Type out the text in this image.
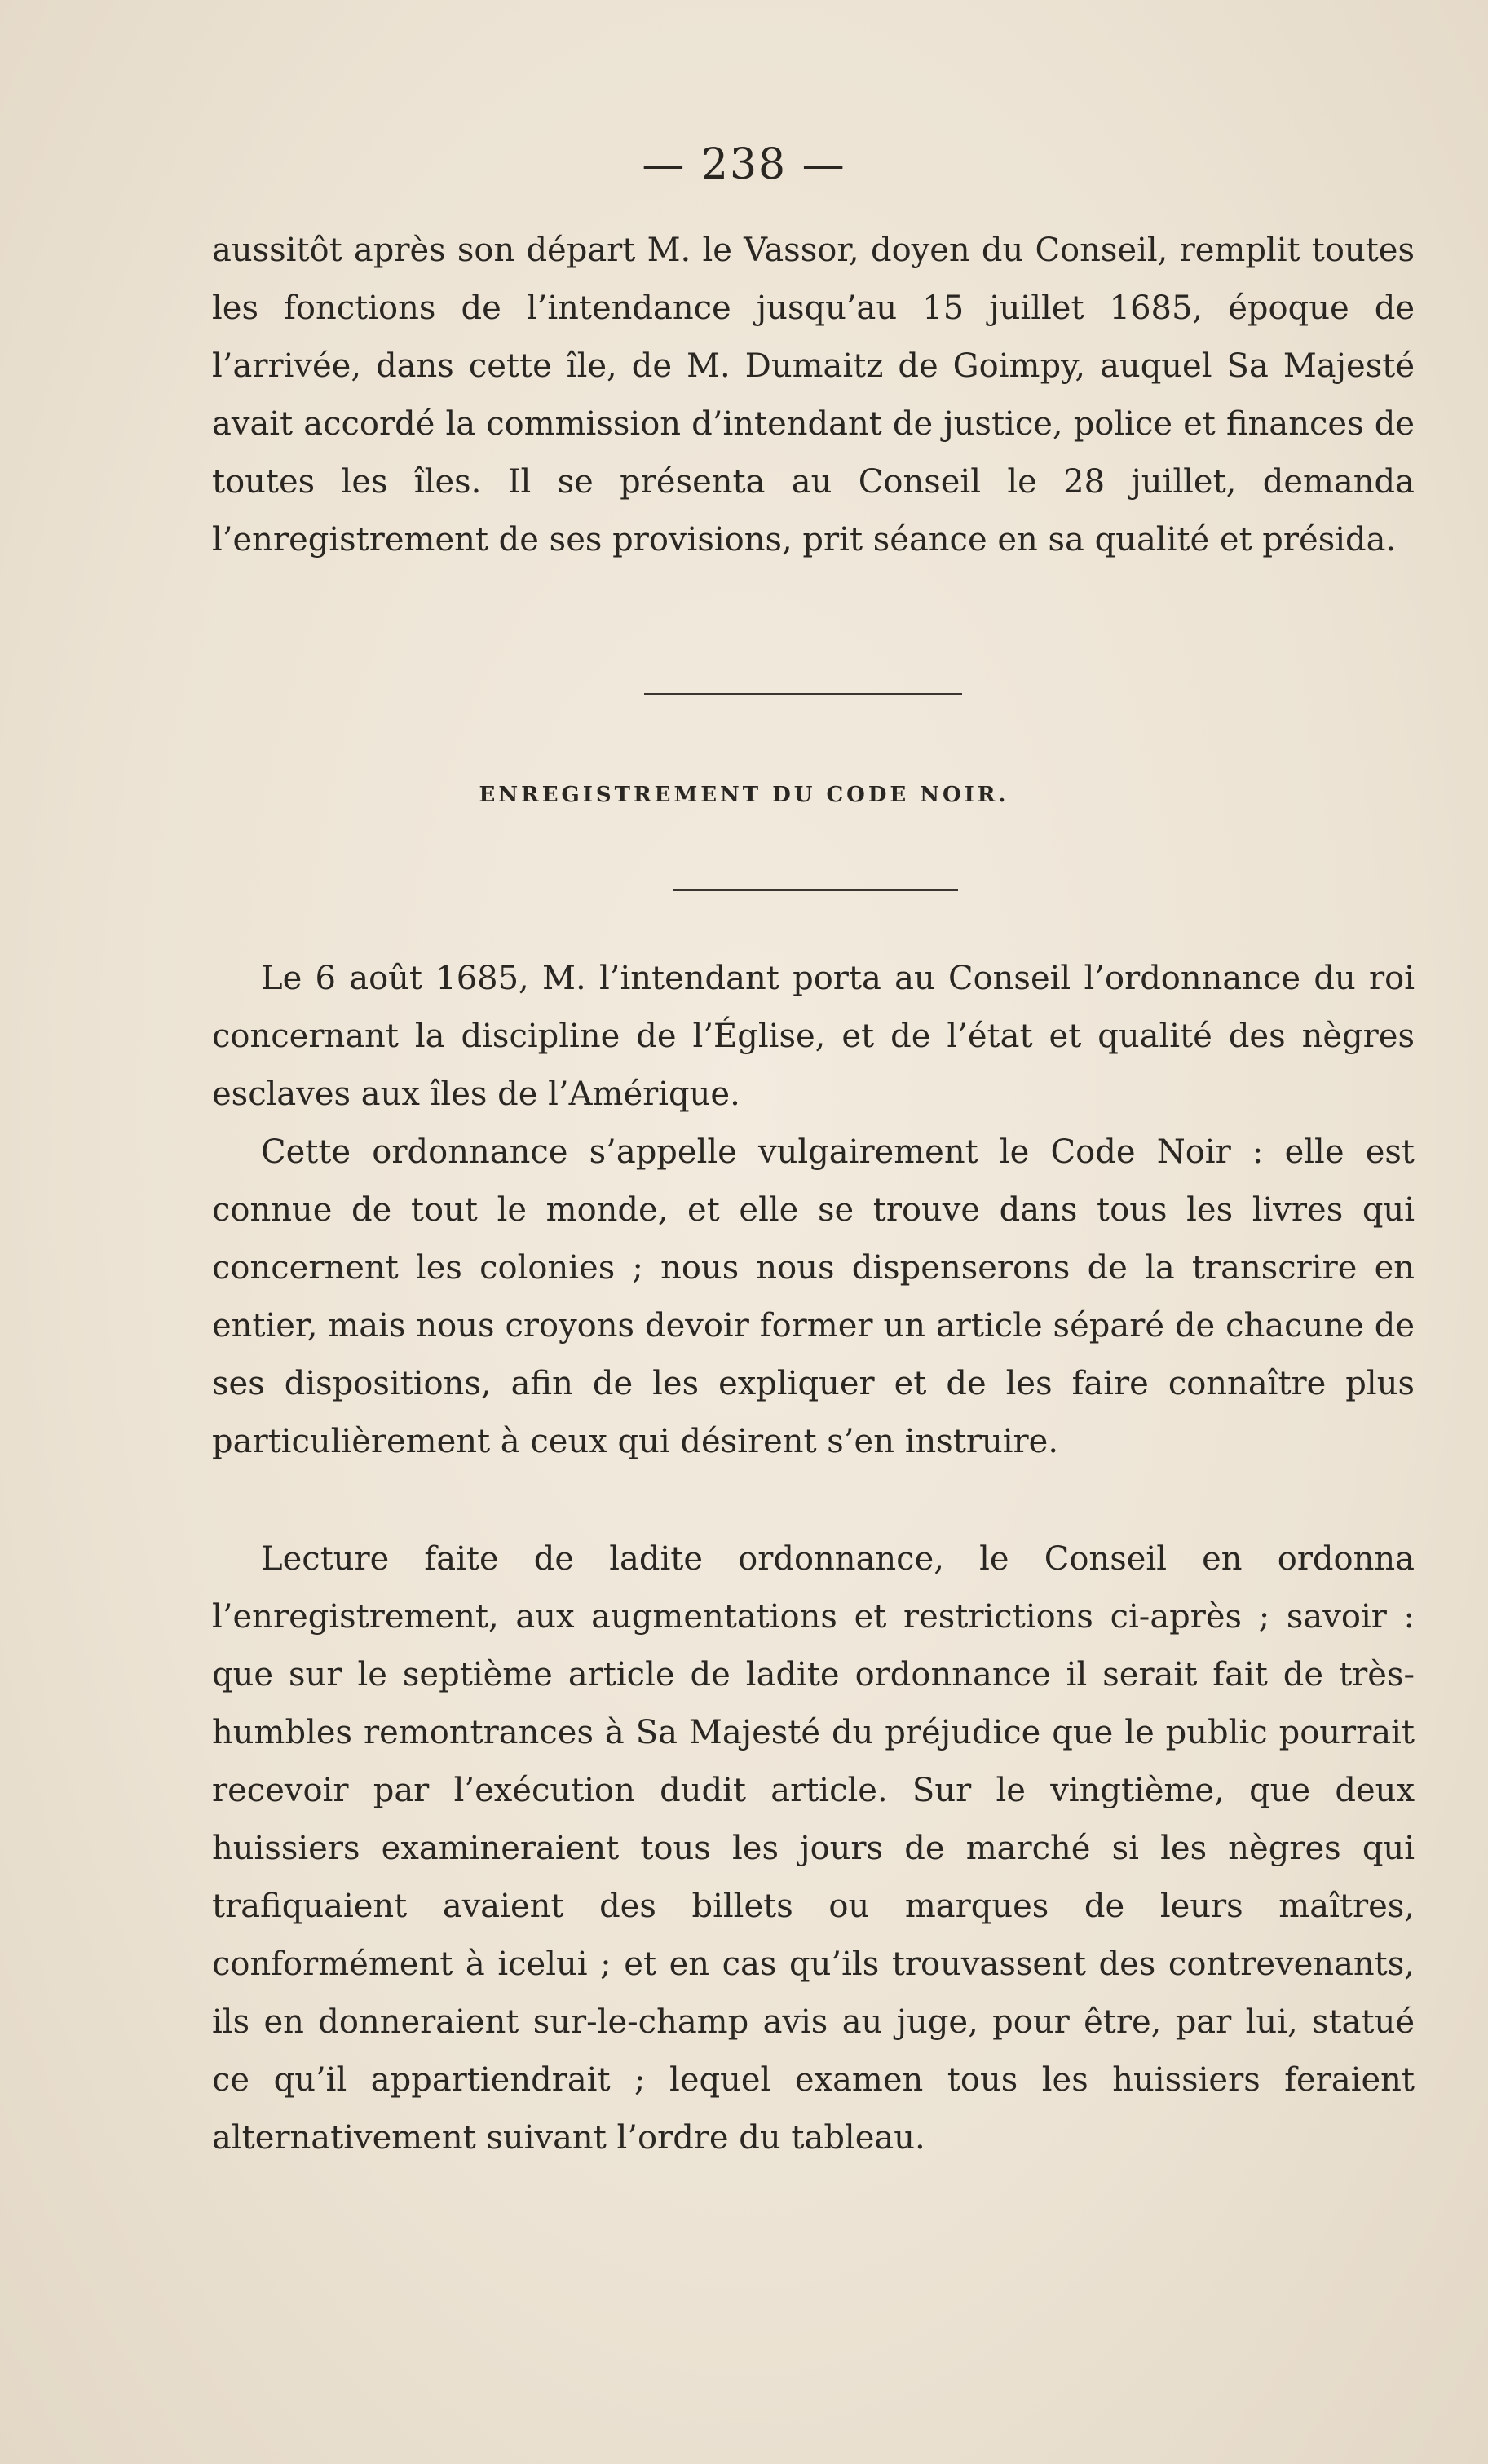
— 238 —

aussitôt après son départ M. le Vassor, doyen du Conseil, remplit toutes les fonctions de l’intendance jusqu’au 15 juillet 1685, époque de l’arrivée, dans cette île, de M. Dumaitz de Goimpy, auquel Sa Majesté avait accordé la commission d’intendant de justice, police et finances de toutes les îles. Il se présenta au Conseil le 28 juillet, demanda l’enregistrement de ses provisions, prit séance en sa qualité et présida.

ENREGISTREMENT DU CODE NOIR.

Le 6 août 1685, M. l’intendant porta au Conseil l’ordonnance du roi concernant la discipline de l’Église, et de l’état et qualité des nègres esclaves aux îles de l’Amérique.

Cette ordonnance s’appelle vulgairement le Code Noir : elle est connue de tout le monde, et elle se trouve dans tous les livres qui concernent les colonies ; nous nous dispenserons de la transcrire en entier, mais nous croyons devoir former un article séparé de chacune de ses dispositions, afin de les expliquer et de les faire connaître plus particulièrement à ceux qui désirent s’en instruire.

Lecture faite de ladite ordonnance, le Conseil en ordonna l’enregistrement, aux augmentations et restrictions ci-après ; savoir : que sur le septième article de ladite ordonnance il serait fait de très-humbles remontrances à Sa Majesté du préjudice que le public pourrait recevoir par l’exécution dudit article. Sur le vingtième, que deux huissiers examineraient tous les jours de marché si les nègres qui trafiquaient avaient des billets ou marques de leurs maîtres, conformément à icelui ; et en cas qu’ils trouvassent des contrevenants, ils en donneraient sur-le-champ avis au juge, pour être, par lui, statué ce qu’il appartiendrait ; lequel examen tous les huissiers feraient alternativement suivant l’ordre du tableau.
